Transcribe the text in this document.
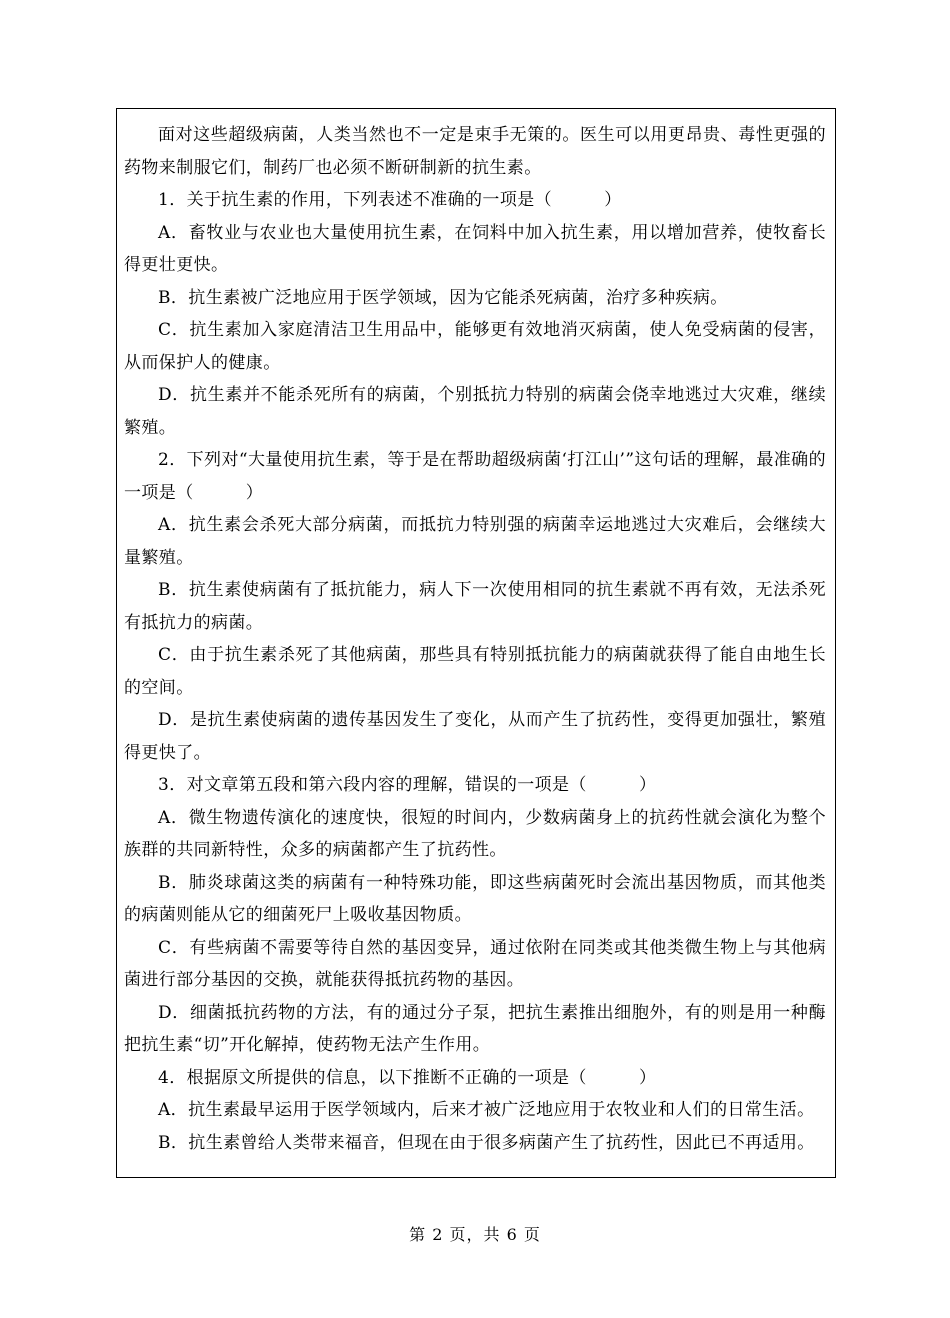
面对这些超级病菌，人类当然也不一定是束手无策的。医生可以用更昂贵、毒性更强的药物来制服它们，制药厂也必须不断研制新的抗生素。

1．关于抗生素的作用，下列表述不准确的一项是（　　　）

A．畜牧业与农业也大量使用抗生素，在饲料中加入抗生素，用以增加营养，使牧畜长得更壮更快。

B．抗生素被广泛地应用于医学领域，因为它能杀死病菌，治疗多种疾病。

C．抗生素加入家庭清洁卫生用品中，能够更有效地消灭病菌，使人免受病菌的侵害，从而保护人的健康。

D．抗生素并不能杀死所有的病菌，个别抵抗力特别的病菌会侥幸地逃过大灾难，继续繁殖。

2．下列对“大量使用抗生素，等于是在帮助超级病菌‘打江山’”这句话的理解，最准确的一项是（　　　）

A．抗生素会杀死大部分病菌，而抵抗力特别强的病菌幸运地逃过大灾难后，会继续大量繁殖。

B．抗生素使病菌有了抵抗能力，病人下一次使用相同的抗生素就不再有效，无法杀死有抵抗力的病菌。

C．由于抗生素杀死了其他病菌，那些具有特别抵抗能力的病菌就获得了能自由地生长的空间。

D．是抗生素使病菌的遗传基因发生了变化，从而产生了抗药性，变得更加强壮，繁殖得更快了。

3．对文章第五段和第六段内容的理解，错误的一项是（　　　）

A．微生物遗传演化的速度快，很短的时间内，少数病菌身上的抗药性就会演化为整个族群的共同新特性，众多的病菌都产生了抗药性。

B．肺炎球菌这类的病菌有一种特殊功能，即这些病菌死时会流出基因物质，而其他类的病菌则能从它的细菌死尸上吸收基因物质。

C．有些病菌不需要等待自然的基因变异，通过依附在同类或其他类微生物上与其他病菌进行部分基因的交换，就能获得抵抗药物的基因。

D．细菌抵抗药物的方法，有的通过分子泵，把抗生素推出细胞外，有的则是用一种酶把抗生素“切”开化解掉，使药物无法产生作用。

4．根据原文所提供的信息，以下推断不正确的一项是（　　　）

A．抗生素最早运用于医学领域内，后来才被广泛地应用于农牧业和人们的日常生活。

B．抗生素曾给人类带来福音，但现在由于很多病菌产生了抗药性，因此已不再适用。

第 2 页，共 6 页
